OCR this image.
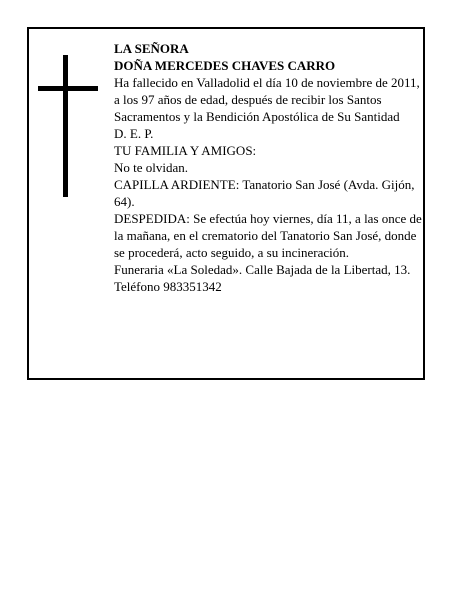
LA SEÑORA

DOÑA MERCEDES CHAVES CARRO

Ha fallecido en Valladolid el día 10 de noviembre de 2011, a los 97 años de edad, después de recibir los Santos Sacramentos y la Bendición Apostólica de Su Santidad

D. E. P.

TU FAMILIA Y AMIGOS:

No te olvidan.

CAPILLA ARDIENTE: Tanatorio San José (Avda. Gijón, 64).

DESPEDIDA: Se efectúa hoy viernes, día 11, a las once de la mañana, en el crematorio del Tanatorio San José, donde se procederá, acto seguido, a su incineración.

Funeraria «La Soledad». Calle Bajada de la Libertad, 13. Teléfono 983351342
